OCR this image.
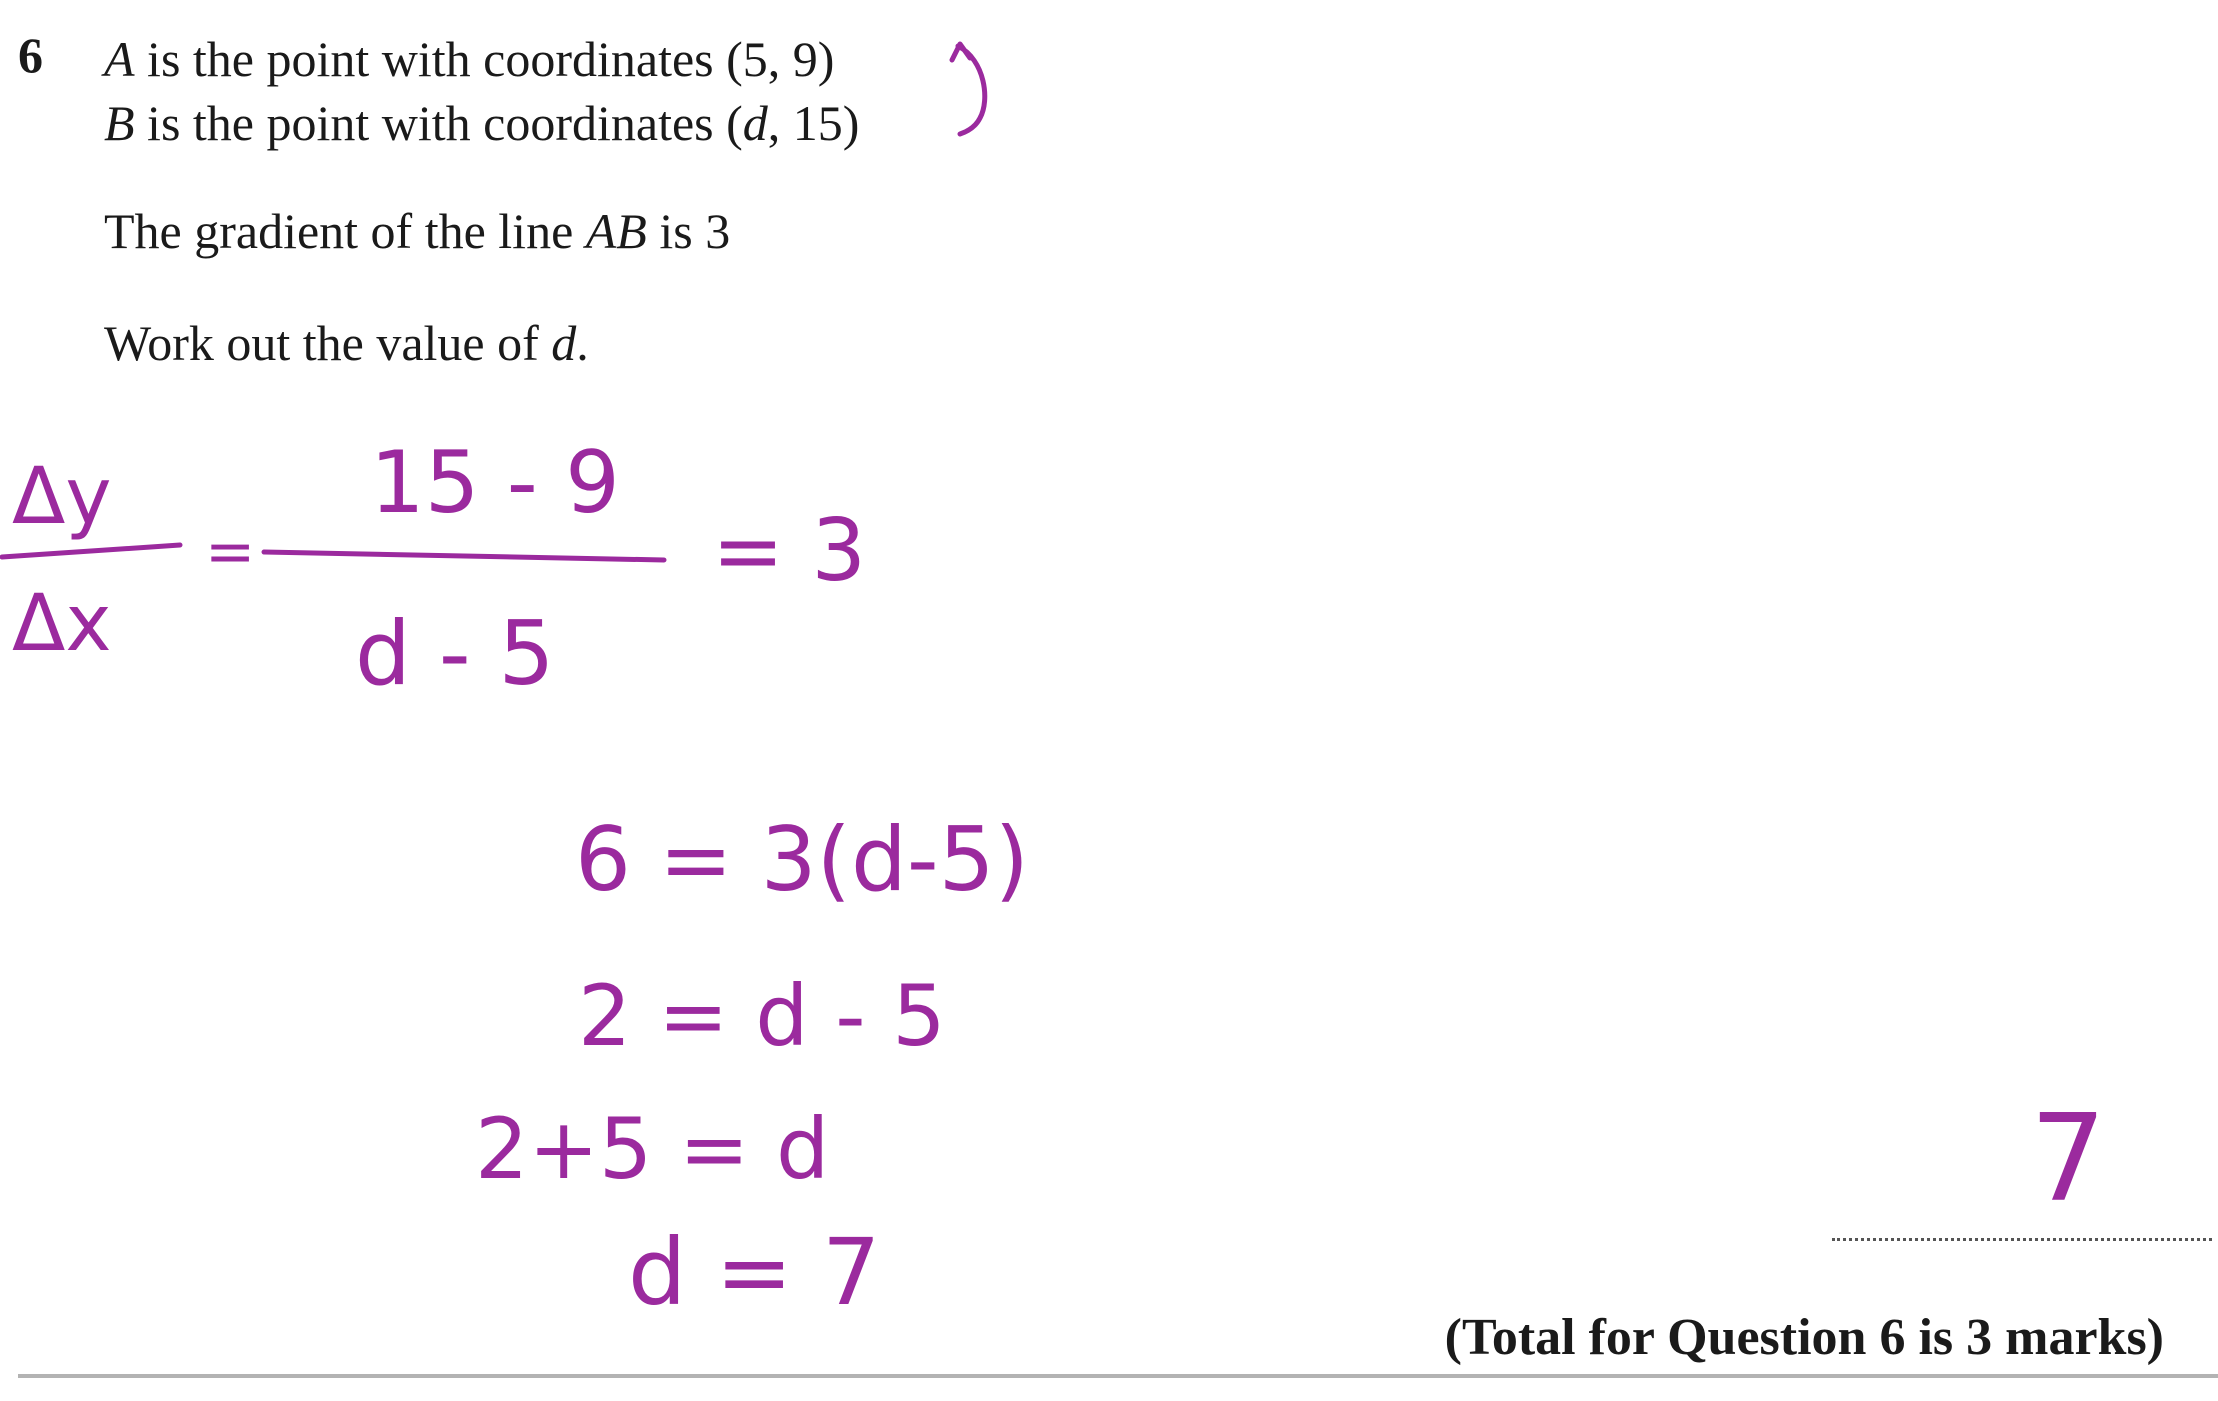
6 A is the point with coordinates (5, 9)
B is the point with coordinates (d, 15)
The gradient of the line AB is 3
Work out the value of d.
Δy
Δx
=
15 - 9
d - 5
= 3
6 = 3(d-5)
2 = d - 5
2+5 = d
d = 7
7
(Total for Question 6 is 3 marks)
